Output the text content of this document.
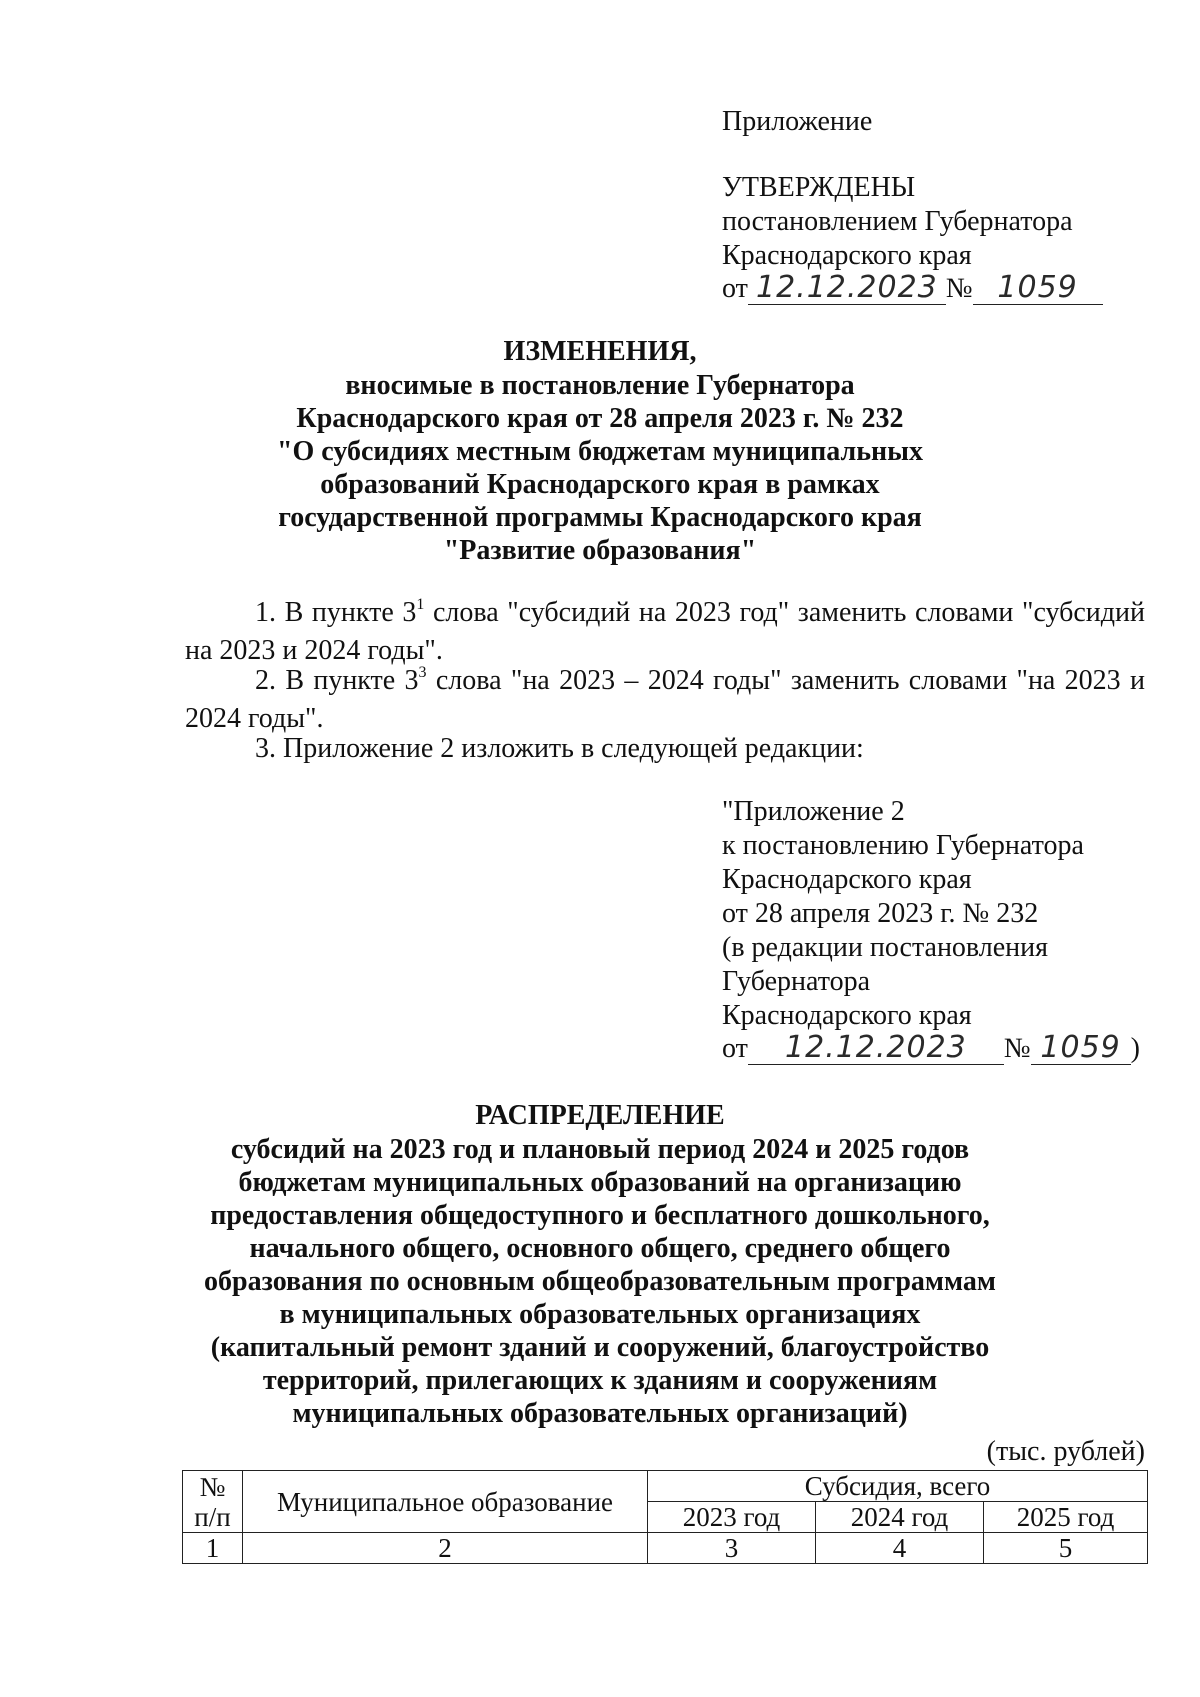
Приложение
УТВЕРЖДЕНЫ
постановлением Губернатора
Краснодарского края
от 12.12.2023 № 1059
ИЗМЕНЕНИЯ,
вносимые в постановление Губернатора
Краснодарского края от 28 апреля 2023 г. № 232
"О субсидиях местным бюджетам муниципальных
образований Краснодарского края в рамках
государственной программы Краснодарского края
"Развитие образования"
1. В пункте $3^1$ слова "субсидий на 2023 год" заменить словами "субсидий на 2023 и 2024 годы".
2. В пункте $3^3$ слова "на 2023 – 2024 годы" заменить словами "на 2023 и 2024 годы".
3. Приложение 2 изложить в следующей редакции:
"Приложение 2
к постановлению Губернатора
Краснодарского края
от 28 апреля 2023 г. № 232
(в редакции постановления
Губернатора
Краснодарского края
от 12.12.2023 № 1059 )
РАСПРЕДЕЛЕНИЕ
субсидий на 2023 год и плановый период 2024 и 2025 годов
бюджетам муниципальных образований на организацию
предоставления общедоступного и бесплатного дошкольного,
начального общего, основного общего, среднего общего
образования по основным общеобразовательным программам
в муниципальных образовательных организациях
(капитальный ремонт зданий и сооружений, благоустройство
территорий, прилегающих к зданиям и сооружениям
муниципальных образовательных организаций)
(тыс. рублей)
№
п/п	Муниципальное образование	Субсидия, всего		
		2023 год	2024 год	2025 год
1	2	3	4	5
